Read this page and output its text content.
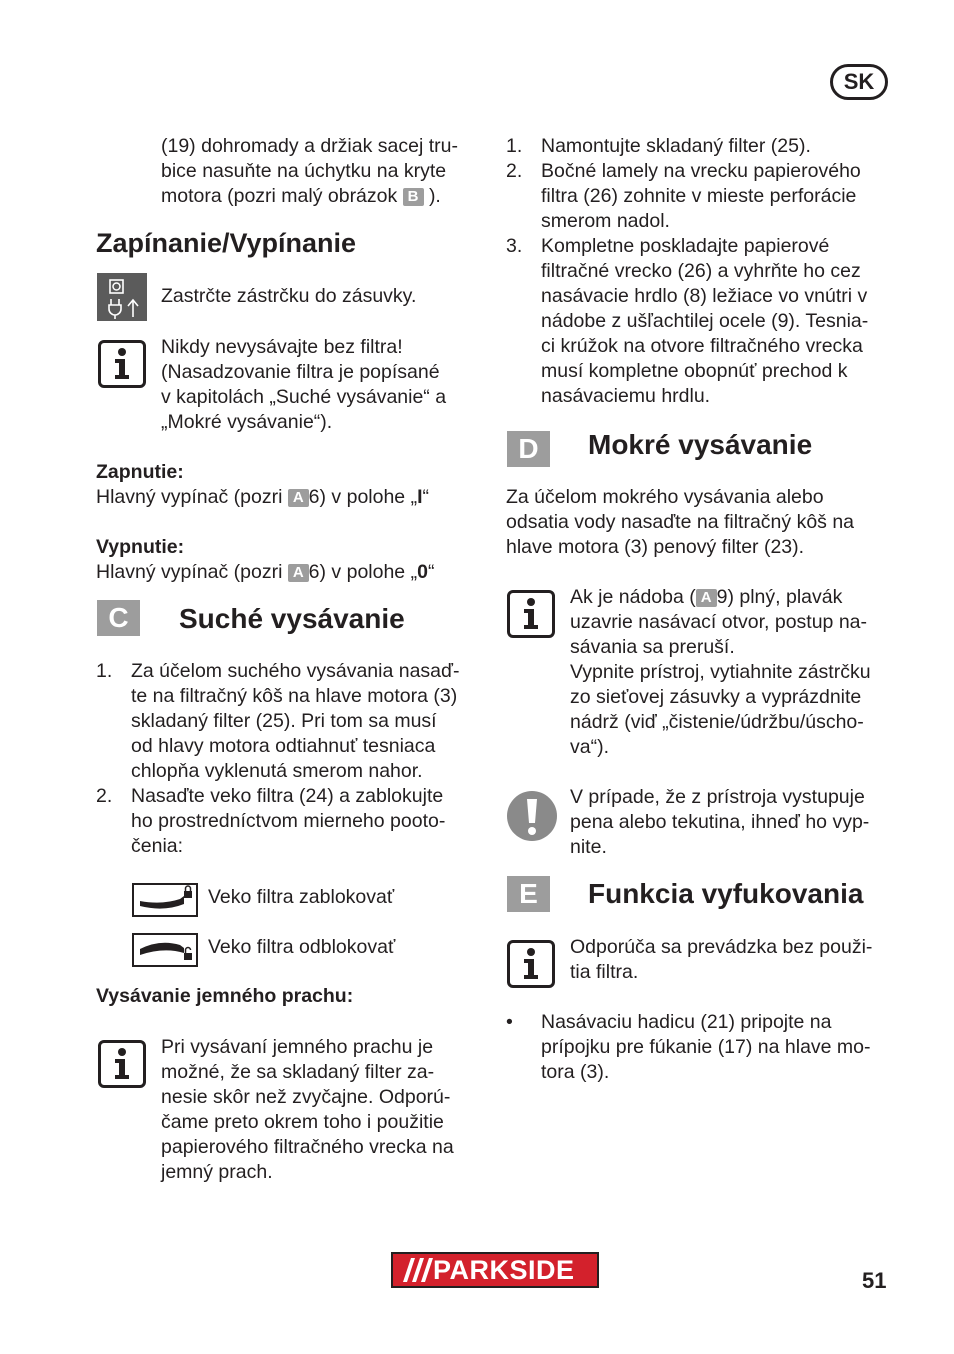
SK
(19) dohromady a držiak sacej tru-
bice nasuňte na úchytku na kryte
motora (pozri malý obrázok B ).
Zapínanie/Vypínanie
Zastrčte zástrčku do zásuvky.
Nikdy nevysávajte bez filtra!
(Nasadzovanie filtra je popísané
v kapitolách „Suché vysávanie“ a
„Mokré vysávanie“).
Zapnutie:
Hlavný vypínač (pozri A 6) v polohe „I“
Vypnutie:
Hlavný vypínač (pozri A 6) v polohe „0“
C	Suché vysávanie
1. Za účelom suchého vysávania nasaď-
te na filtračný kôš na hlave motora (3)
skladaný filter (25). Pri tom sa musí
od hlavy motora odtiahnuť tesniaca
chlopňa vyklenutá smerom nahor.
2. Nasaďte veko filtra (24) a zablokujte
ho prostredníctvom mierneho pooto-
čenia:
Veko filtra zablokovať
Veko filtra odblokovať
Vysávanie jemného prachu:
Pri vysávaní jemného prachu je
možné, že sa skladaný filter za-
nesie skôr než zvyčajne. Odporú-
čame preto okrem toho i použitie
papierového filtračného vrecka na
jemný prach.
1. Namontujte skladaný filter (25).
2. Bočné lamely na vrecku papierového
filtra (26) zohnite v mieste perforácie
smerom nadol.
3. Kompletne poskladajte papierové
filtračné vrecko (26) a vyhrňte ho cez
nasávacie hrdlo (8) ležiace vo vnútri v
nádobe z ušľachtilej ocele (9). Tesnia-
ci krúžok na otvore filtračného vrecka
musí kompletne obopnúť prechod k
nasávaciemu hrdlu.
D	Mokré vysávanie
Za účelom mokrého vysávania alebo
odsatia vody nasaďte na filtračný kôš na
hlave motora (3) penový filter (23).
Ak je nádoba ( A 9) plný, plavák
uzavrie nasávací otvor, postup na-
sávania sa preruší.
Vypnite prístroj, vytiahnite zástrčku
zo sieťovej zásuvky a vyprázdnite
nádrž (viď „čistenie/údržbu/úscho-
va“).
V prípade, že z prístroja vystupuje
pena alebo tekutina, ihneď ho vyp-
nite.
E	Funkcia vyfukovania
Odporúča sa prevádzka bez použi-
tia filtra.
• Nasávaciu hadicu (21) pripojte na
prípojku pre fúkanie (17) na hlave mo-
tora (3).
PARKSIDE	51
